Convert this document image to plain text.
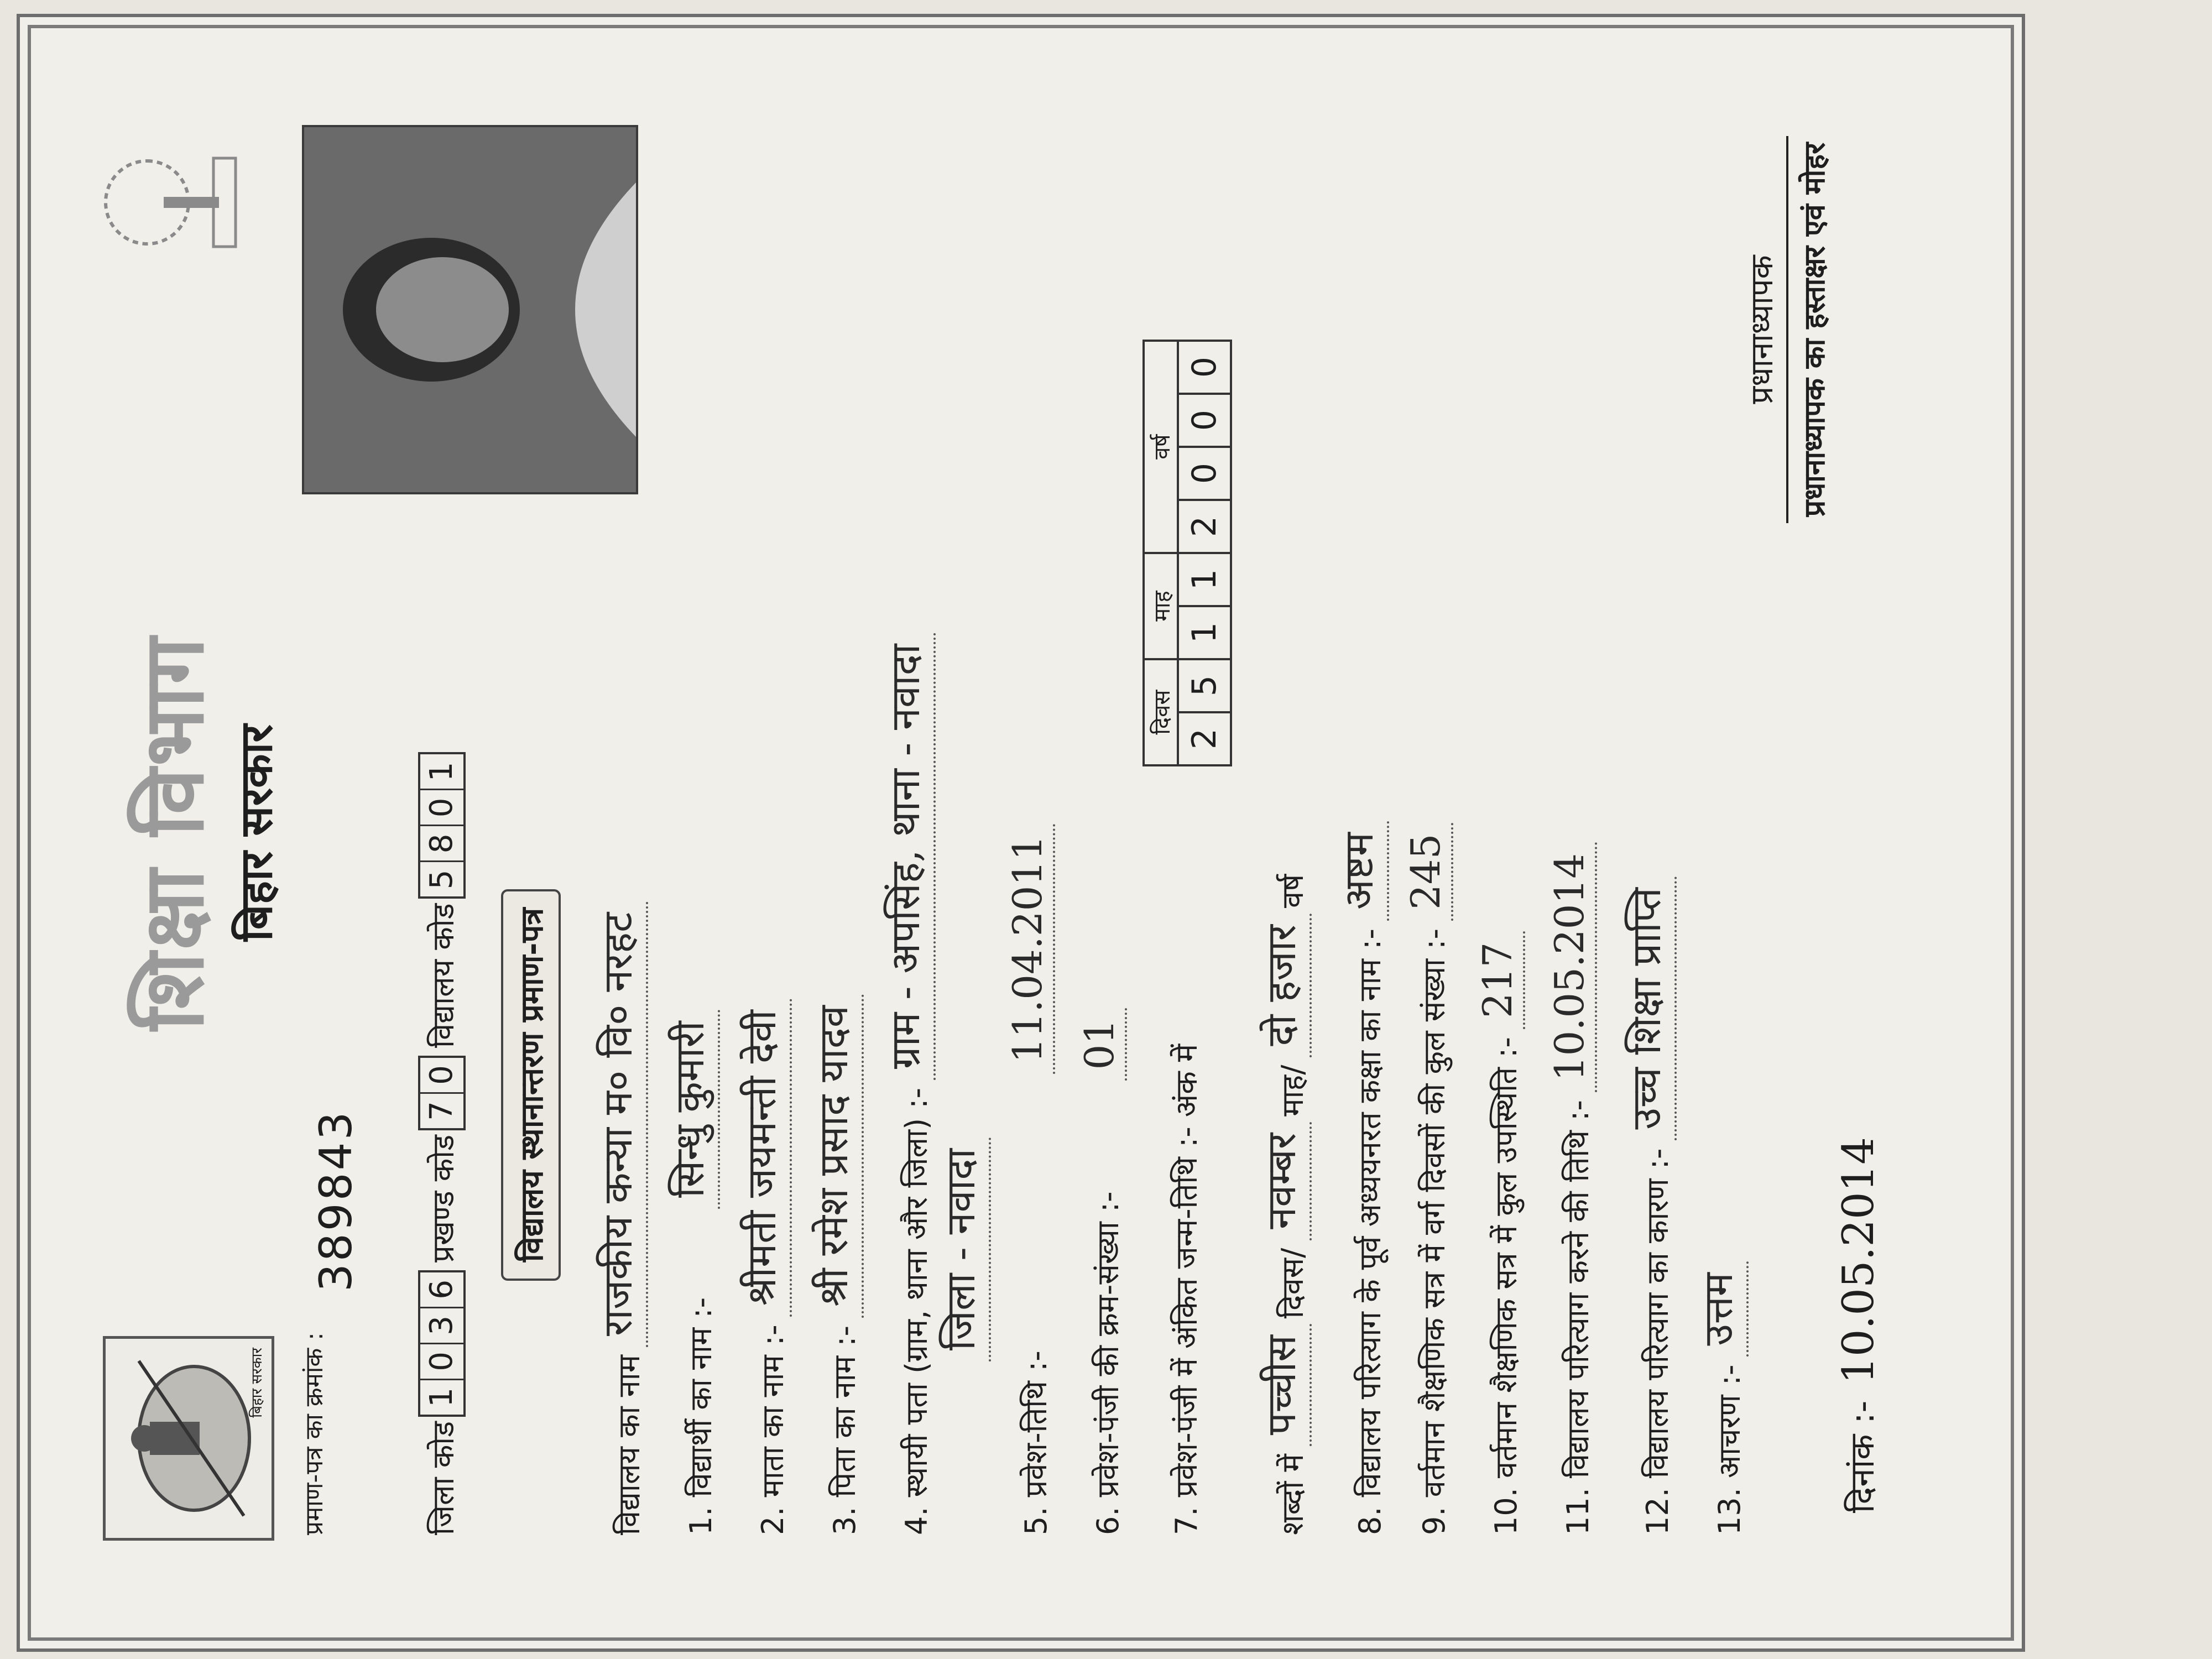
बिहार सरकार
शिक्षा विभाग बिहार सरकार
प्रमाण-पत्र का क्रमांक :
389843
जिला कोड
1
0
3
6
प्रखण्ड कोड
7
0
विद्यालय कोड
5
8
0
1
विद्यालय स्थानान्तरण प्रमाण-पत्र
विद्यालय का नाम
राजकीय कन्या म० वि० नरहट
1. विद्यार्थी का नाम :-
सिन्धु कुमारी
2. माता का नाम :-
श्रीमती जयमन्ती देवी
3. पिता का नाम :-
श्री रमेश प्रसाद यादव 4. स्थायी पता (ग्राम, थाना और जिला) :-
ग्राम - अपसिंह, थाना - नवादा
जिला - नवादा
5. प्रवेश-तिथि :-
11.04.2011
6. प्रवेश-पंजी की क्रम-संख्या :-
01 7. प्रवेश-पंजी में अंकित जन्म-तिथि :- अंक में
दिवस		माह		वर्ष			
2	5	1	1	2	0	0	0
शब्दों में
पच्चीस
दिवस/
नवम्बर
माह/
दो हजार
वर्ष
8. विद्यालय परित्याग के पूर्व अध्ययनरत कक्षा का नाम :-
अष्टम
9. वर्तमान शैक्षणिक सत्र में वर्ग दिवसों की कुल संख्या :-
245
10. वर्तमान शैक्षणिक सत्र में कुल उपस्थिति :-
217
11. विद्यालय परित्याग करने की तिथि :-
10.05.2014
12. विद्यालय परित्याग का कारण :-
उच्च शिक्षा प्राप्ति
13. आचरण :-
उत्तम
दिनांक :-
10.05.2014
प्रधानाध्यापक प्रधानाध्यापक का हस्ताक्षर एवं मोहर
